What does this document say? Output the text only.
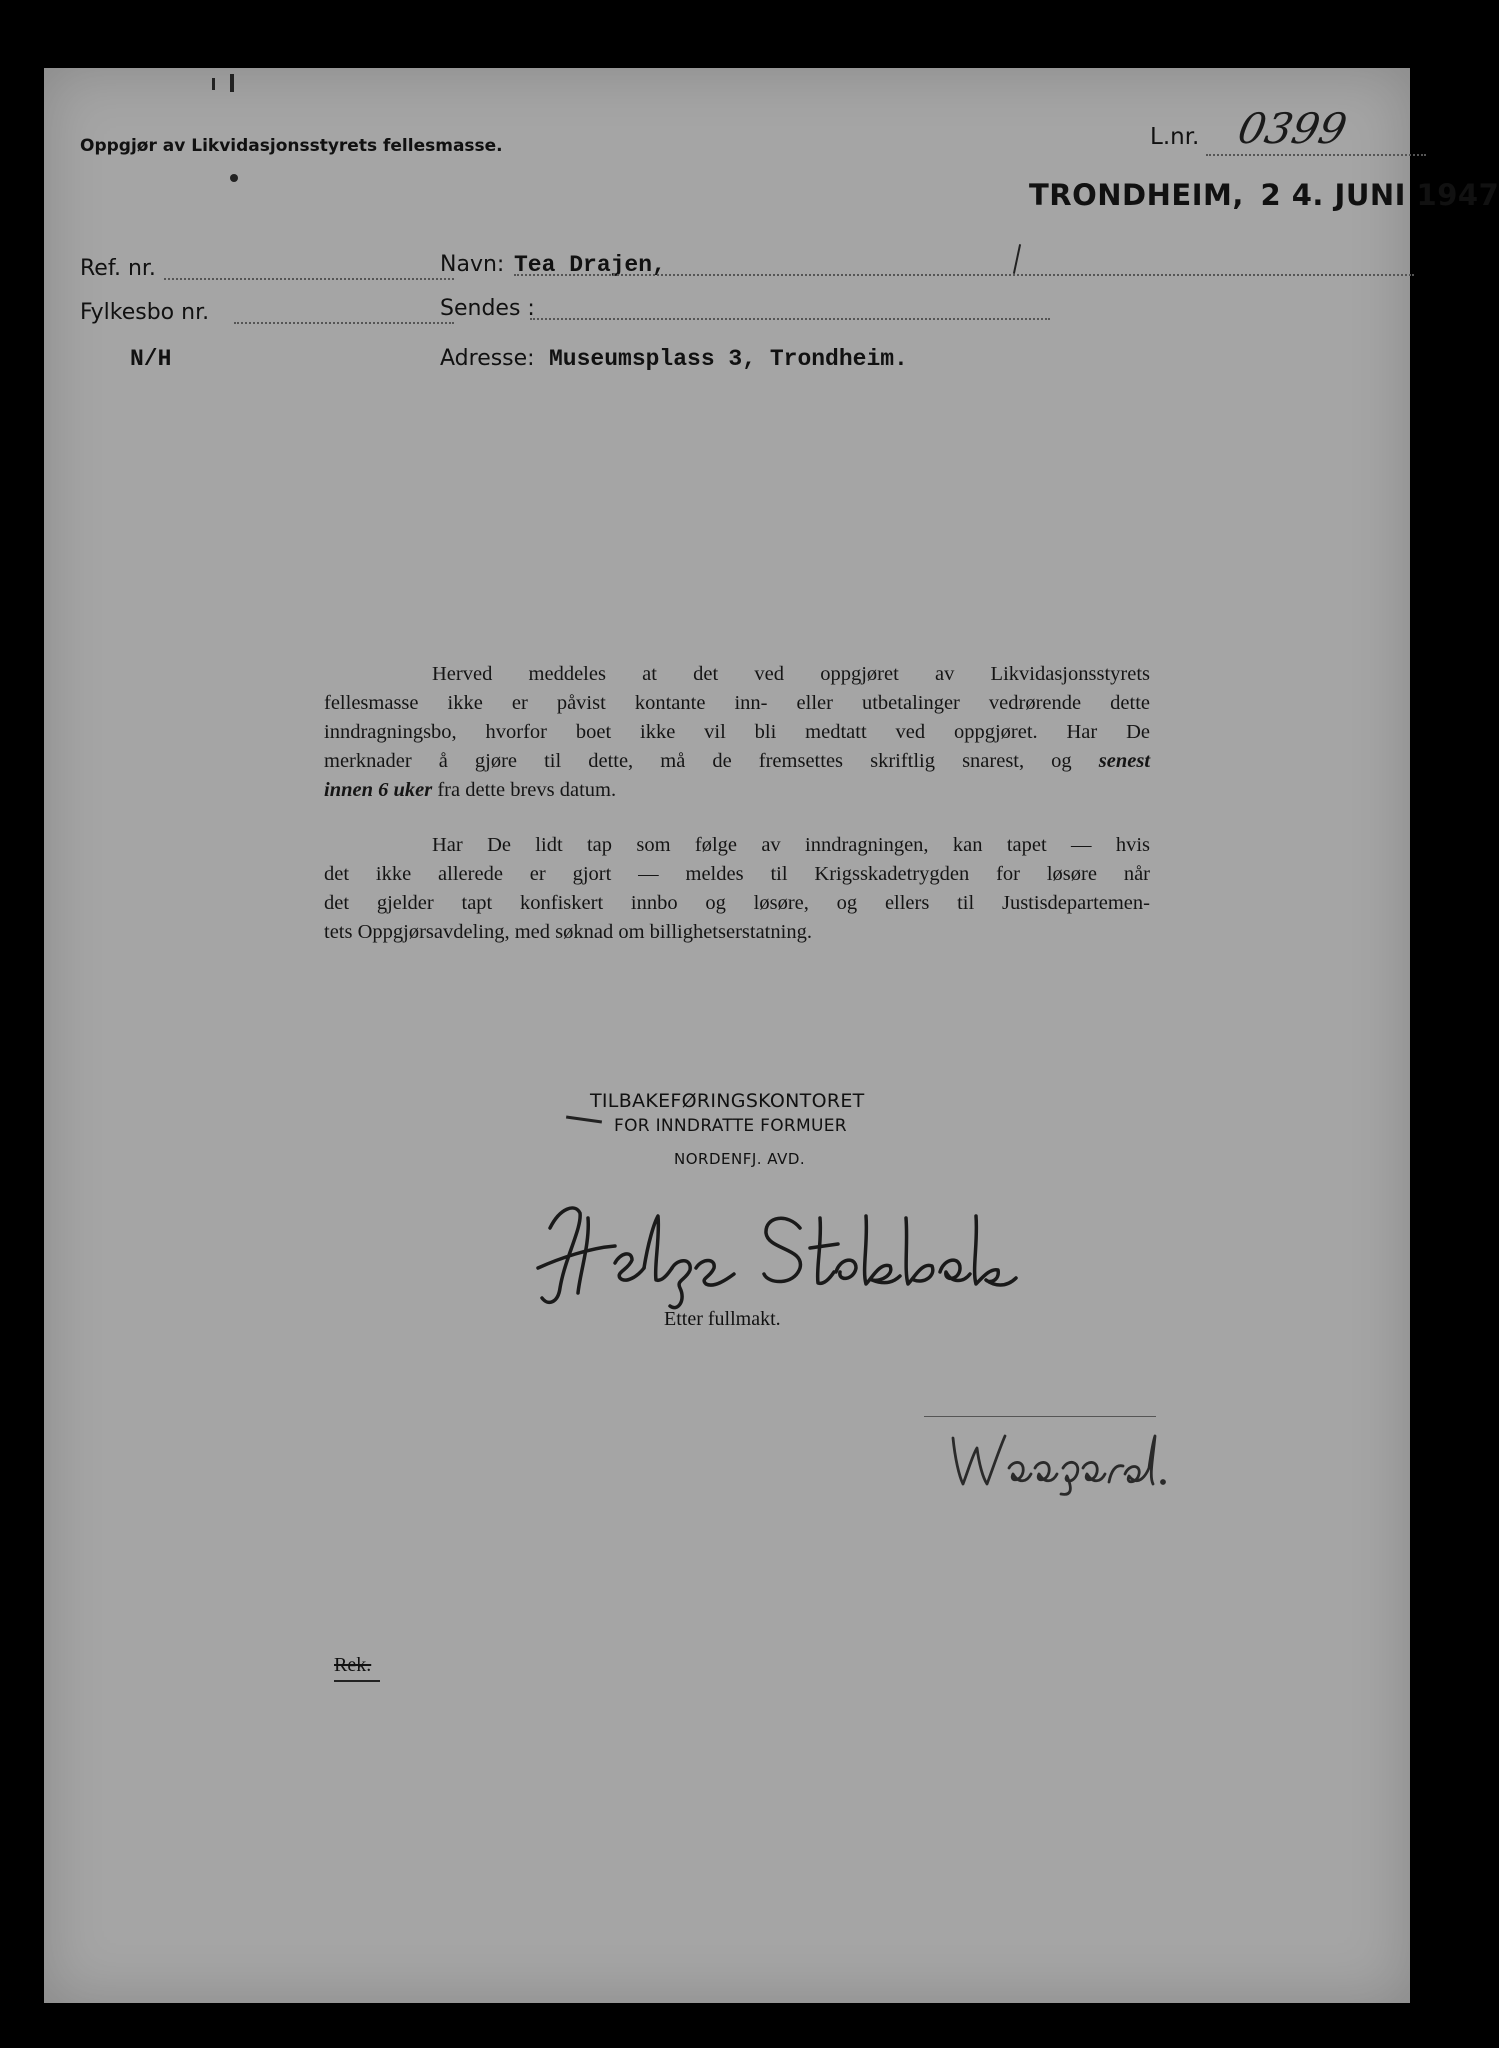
Oppgjør av Likvidasjonsstyrets fellesmasse.	L.nr. 0399
TRONDHEIM, 2 4. JUNI 1947
Ref. nr.
Fylkesbo nr.
N/H
Navn: Tea Drajen,
Sendes :
Adresse: Museumsplass 3, Trondheim.
Herved meddeles at det ved oppgjøret av Likvidasjonsstyrets
fellesmasse ikke er påvist kontante inn- eller utbetalinger vedrørende dette
inndragningsbo, hvorfor boet ikke vil bli medtatt ved oppgjøret. Har De
merknader å gjøre til dette, må de fremsettes skriftlig snarest, og senest
innen 6 uker fra dette brevs datum.
Har De lidt tap som følge av inndragningen, kan tapet — hvis
det ikke allerede er gjort — meldes til Krigsskadetrygden for løsøre når
det gjelder tapt konfiskert innbo og løsøre, og ellers til Justisdepartemen-
tets Oppgjørsavdeling, med søknad om billighetserstatning.
TILBAKEFØRINGSKONTORET
FOR INNDRATTE FORMUER
NORDENFJ. AVD.
Etter fullmakt.
Rek.
